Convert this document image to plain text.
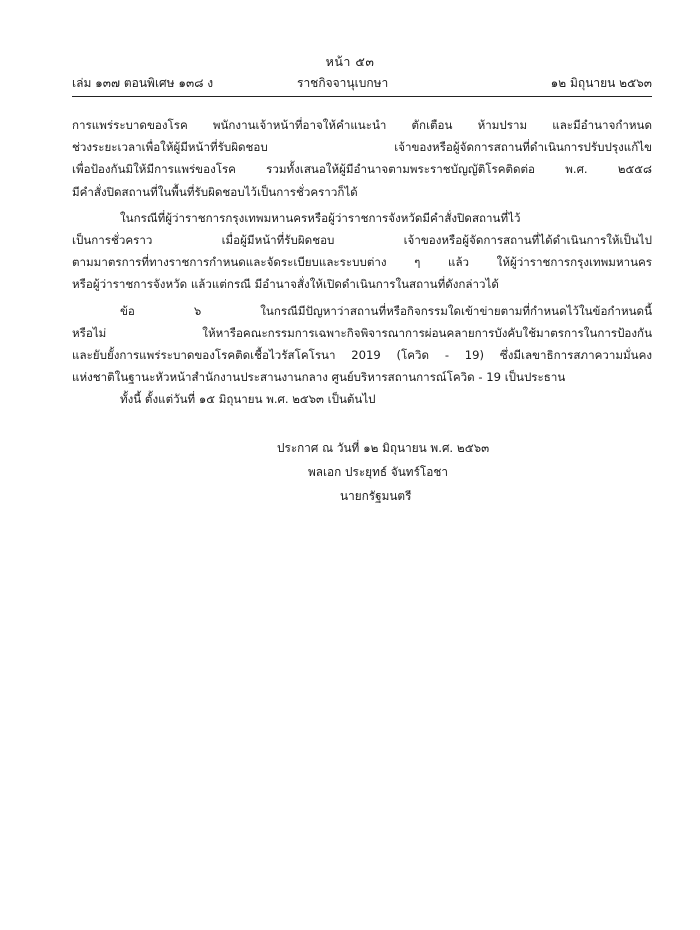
หน้า ๕๓
เล่ม ๑๓๗ ตอนพิเศษ ๑๓๘ ง	ราชกิจจานุเบกษา	๑๒ มิถุนายน ๒๕๖๓

การแพร่ระบาดของโรค พนักงานเจ้าหน้าที่อาจให้คำแนะนำ ตักเตือน ห้ามปราม และมีอำนาจกำหนด

ช่วงระยะเวลาเพื่อให้ผู้มีหน้าที่รับผิดชอบ เจ้าของหรือผู้จัดการสถานที่ดำเนินการปรับปรุงแก้ไข

เพื่อป้องกันมิให้มีการแพร่ของโรค รวมทั้งเสนอให้ผู้มีอำนาจตามพระราชบัญญัติโรคติดต่อ พ.ศ. ๒๕๕๘

มีคำสั่งปิดสถานที่ในพื้นที่รับผิดชอบไว้เป็นการชั่วคราวก็ได้

ในกรณีที่ผู้ว่าราชการกรุงเทพมหานครหรือผู้ว่าราชการจังหวัดมีคำสั่งปิดสถานที่ไว้

เป็นการชั่วคราว เมื่อผู้มีหน้าที่รับผิดชอบ เจ้าของหรือผู้จัดการสถานที่ได้ดำเนินการให้เป็นไป

ตามมาตรการที่ทางราชการกำหนดและจัดระเบียบและระบบต่าง ๆ แล้ว ให้ผู้ว่าราชการกรุงเทพมหานคร

หรือผู้ว่าราชการจังหวัด แล้วแต่กรณี มีอำนาจสั่งให้เปิดดำเนินการในสถานที่ดังกล่าวได้

ข้อ ๖ ในกรณีมีปัญหาว่าสถานที่หรือกิจกรรมใดเข้าข่ายตามที่กำหนดไว้ในข้อกำหนดนี้

หรือไม่ ให้หารือคณะกรรมการเฉพาะกิจพิจารณาการผ่อนคลายการบังคับใช้มาตรการในการป้องกัน

และยับยั้งการแพร่ระบาดของโรคติดเชื้อไวรัสโคโรนา 2019 (โควิด - 19) ซึ่งมีเลขาธิการสภาความมั่นคง

แห่งชาติในฐานะหัวหน้าสำนักงานประสานงานกลาง ศูนย์บริหารสถานการณ์โควิด - 19 เป็นประธาน

ทั้งนี้ ตั้งแต่วันที่ ๑๕ มิถุนายน พ.ศ. ๒๕๖๓ เป็นต้นไป

ประกาศ ณ วันที่ ๑๒ มิถุนายน พ.ศ. ๒๕๖๓
พลเอก ประยุทธ์ จันทร์โอชา
นายกรัฐมนตรี
